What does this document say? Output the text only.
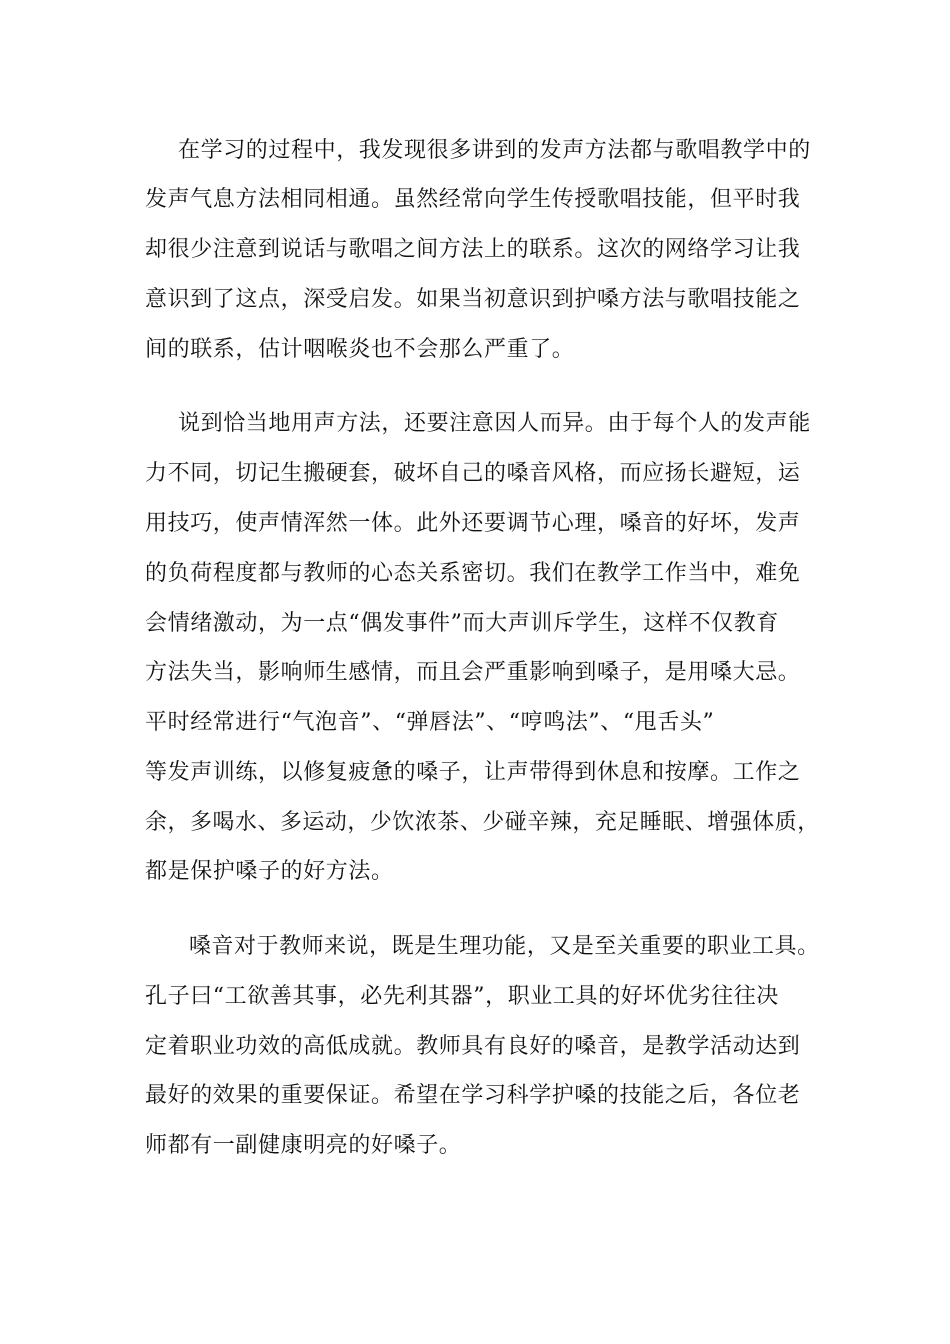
在学习的过程中，我发现很多讲到的发声方法都与歌唱教学中的
发声气息方法相同相通。虽然经常向学生传授歌唱技能，但平时我
却很少注意到说话与歌唱之间方法上的联系。这次的网络学习让我
意识到了这点，深受启发。如果当初意识到护嗓方法与歌唱技能之
间的联系，估计咽喉炎也不会那么严重了。
说到恰当地用声方法，还要注意因人而异。由于每个人的发声能
力不同，切记生搬硬套，破坏自己的嗓音风格，而应扬长避短，运
用技巧，使声情浑然一体。此外还要调节心理，嗓音的好坏，发声
的负荷程度都与教师的心态关系密切。我们在教学工作当中，难免
会情绪激动，为一点“偶发事件”而大声训斥学生，这样不仅教育
方法失当，影响师生感情，而且会严重影响到嗓子，是用嗓大忌。
平时经常进行“气泡音”、“弹唇法”、“哼鸣法”、“甩舌头”
等发声训练，以修复疲惫的嗓子，让声带得到休息和按摩。工作之
余，多喝水、多运动，少饮浓茶、少碰辛辣，充足睡眠、增强体质，
都是保护嗓子的好方法。
嗓音对于教师来说，既是生理功能，又是至关重要的职业工具。
孔子曰“工欲善其事，必先利其器”，职业工具的好坏优劣往往决
定着职业功效的高低成就。教师具有良好的嗓音，是教学活动达到
最好的效果的重要保证。希望在学习科学护嗓的技能之后，各位老
师都有一副健康明亮的好嗓子。
